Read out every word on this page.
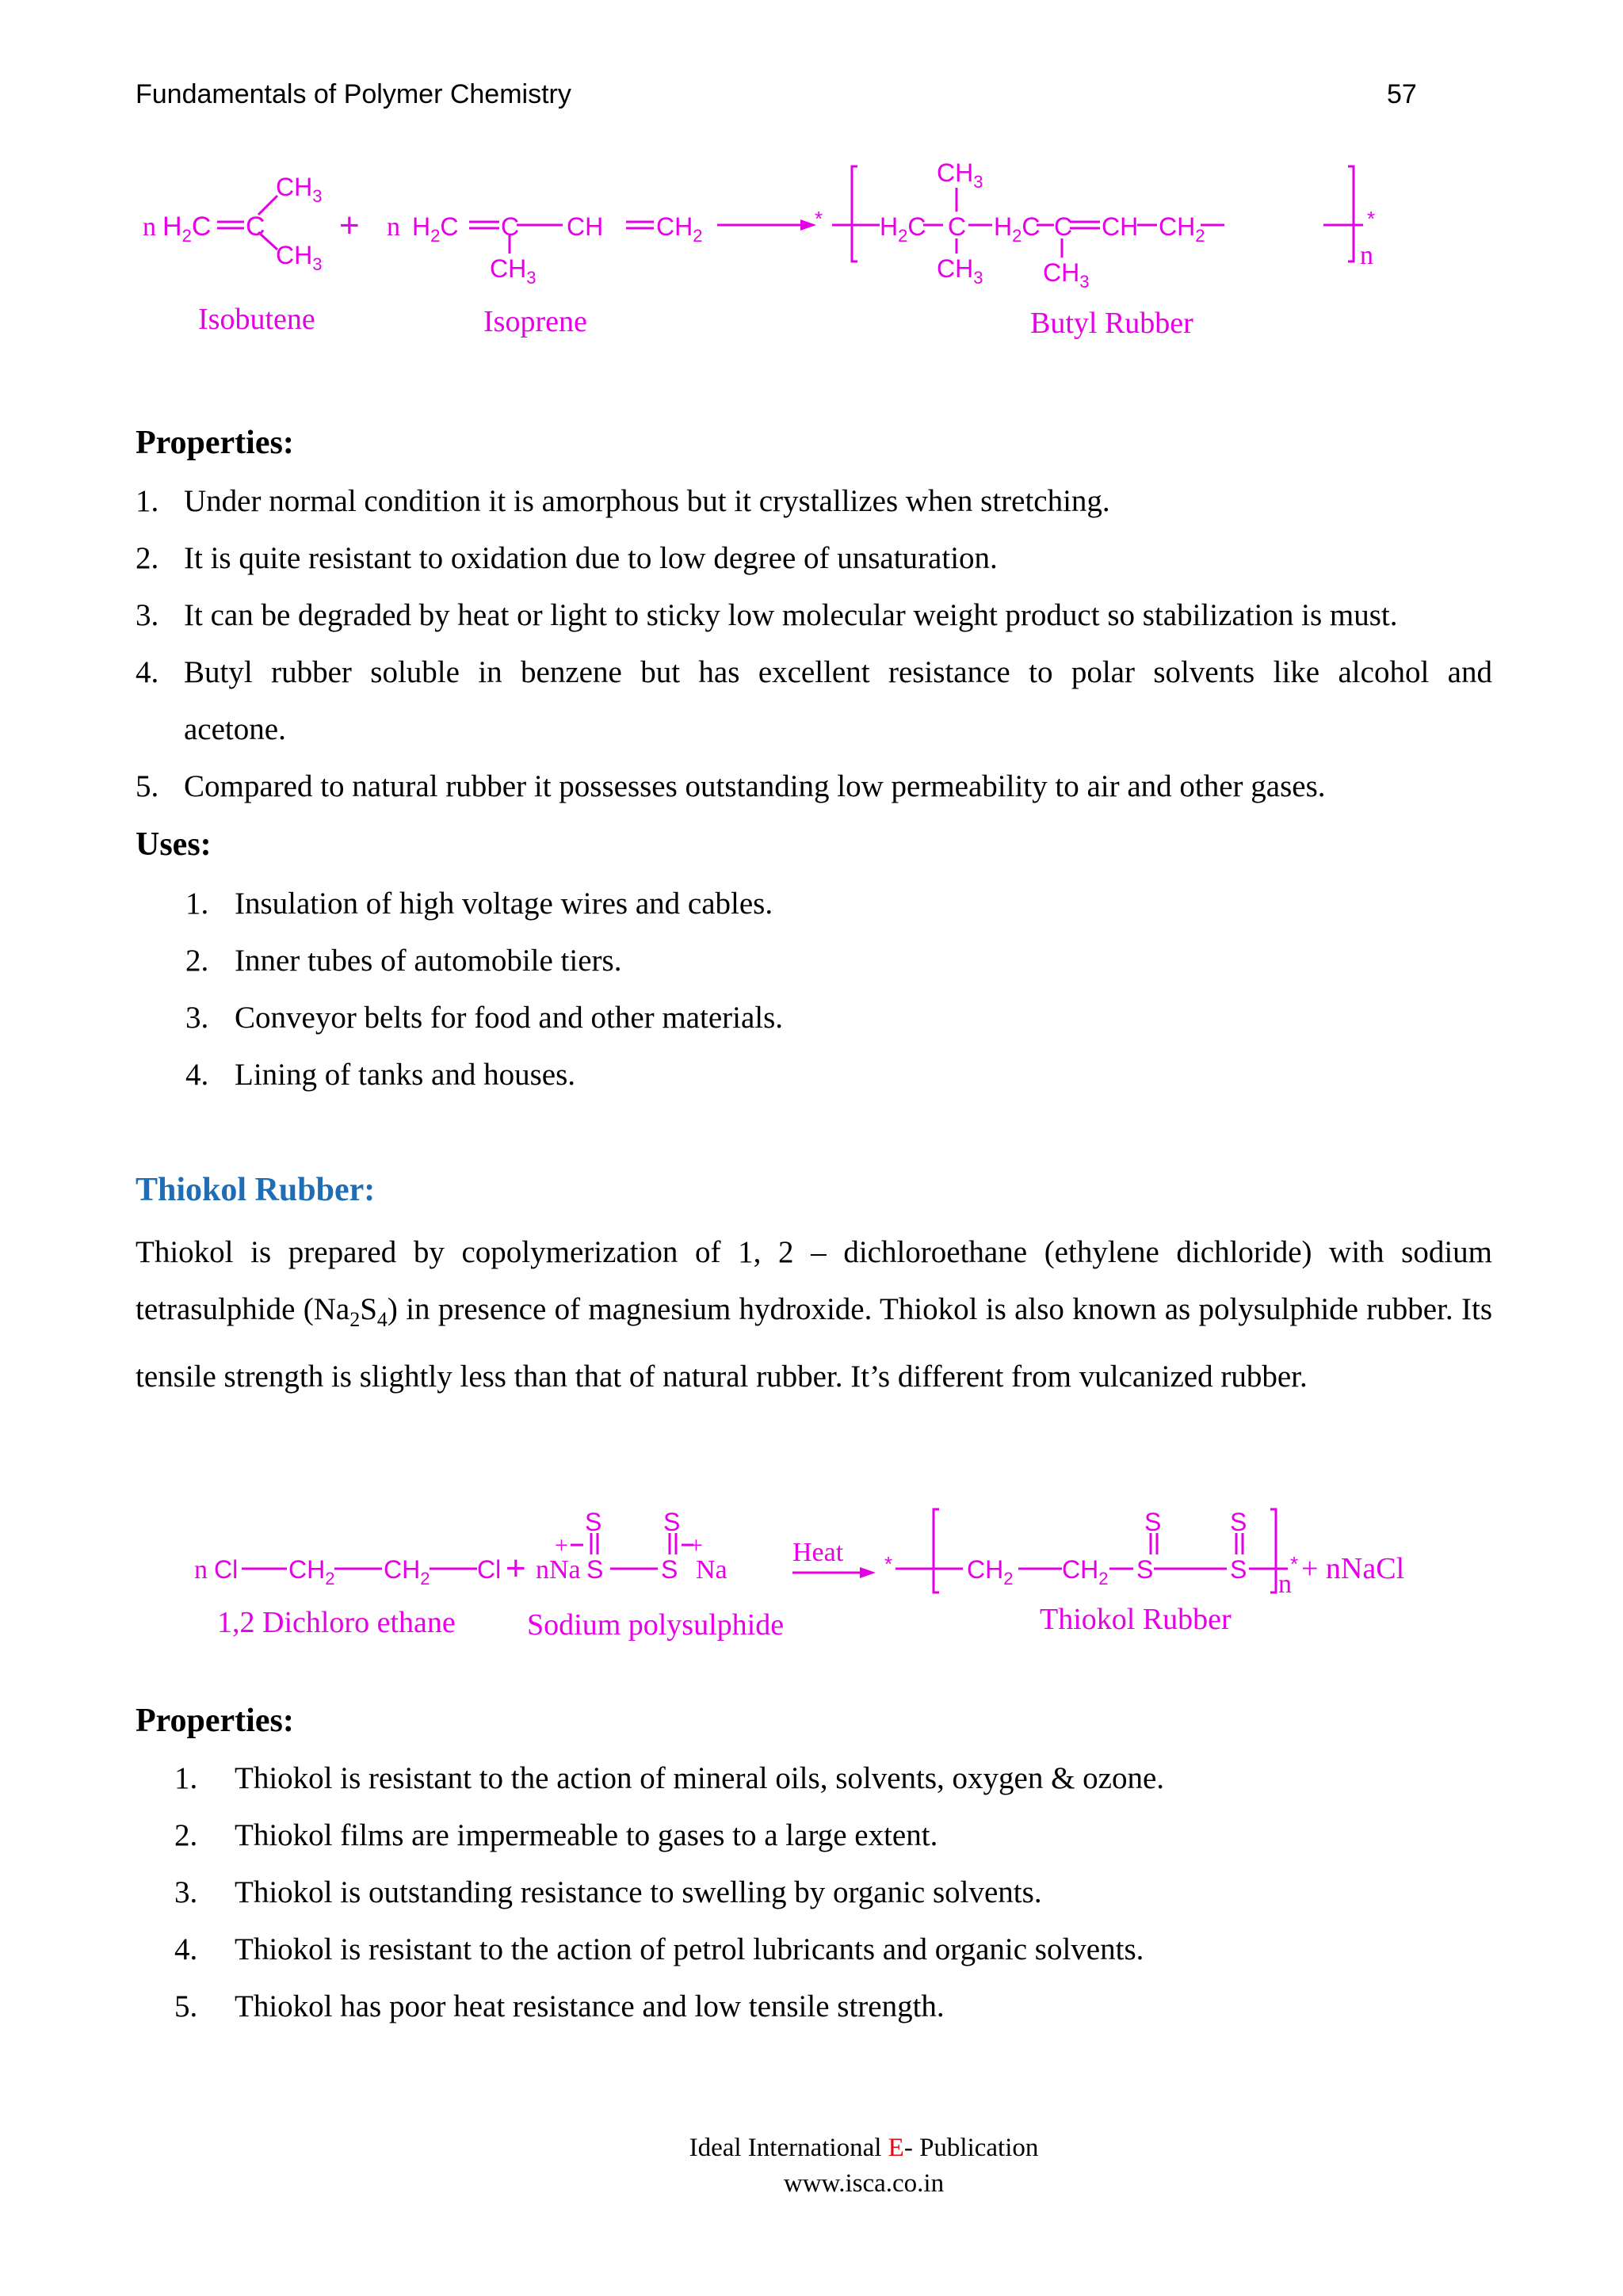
Fundamentals of Polymer Chemistry	57
n $H_2C$ C
$CH_3$
$CH_3$
+ n $H_2C$ C
$CH_3$
CH $CH_2$
* $H_2C$ C
$CH_3$
$CH_3$
$H_2C$ C
$CH_3$
CH $CH_2$
*
n
Isobutene	Isoprene	Butyl Rubber
Properties:
1. Under normal condition it is amorphous but it crystallizes when stretching.
2. It is quite resistant to oxidation due to low degree of unsaturation.
3. It can be degraded by heat or light to sticky low molecular weight product so stabilization is must.
4. Butyl rubber soluble in benzene but has excellent resistance to polar solvents like alcohol and
acetone.
5. Compared to natural rubber it possesses outstanding low permeability to air and other gases.
Uses:
1. Insulation of high voltage wires and cables.
2. Inner tubes of automobile tiers.
3. Conveyor belts for food and other materials.
4. Lining of tanks and houses.
Thiokol Rubber:
Thiokol is prepared by copolymerization of 1, 2 – dichloroethane (ethylene dichloride) with sodium tetrasulphide $(Na_2S_4)$ in presence of magnesium hydroxide. Thiokol is also known as polysulphide rubber. Its tensile strength is slightly less than that of natural rubber. It’s different from vulcanized rubber.
n Cl $CH_2$ $CH_2$ Cl + nNa
+
S
S
S
S
+
Na
Heat *	$CH_2$ $CH_2$
S
S
S
S n
* + nNaCl
1,2 Dichloro ethane Sodium polysulphide	Thiokol Rubber
Properties:
1. Thiokol is resistant to the action of mineral oils, solvents, oxygen & ozone.
2. Thiokol films are impermeable to gases to a large extent.
3. Thiokol is outstanding resistance to swelling by organic solvents.
4. Thiokol is resistant to the action of petrol lubricants and organic solvents.
5. Thiokol has poor heat resistance and low tensile strength.
Ideal International E- Publication
www.isca.co.in
